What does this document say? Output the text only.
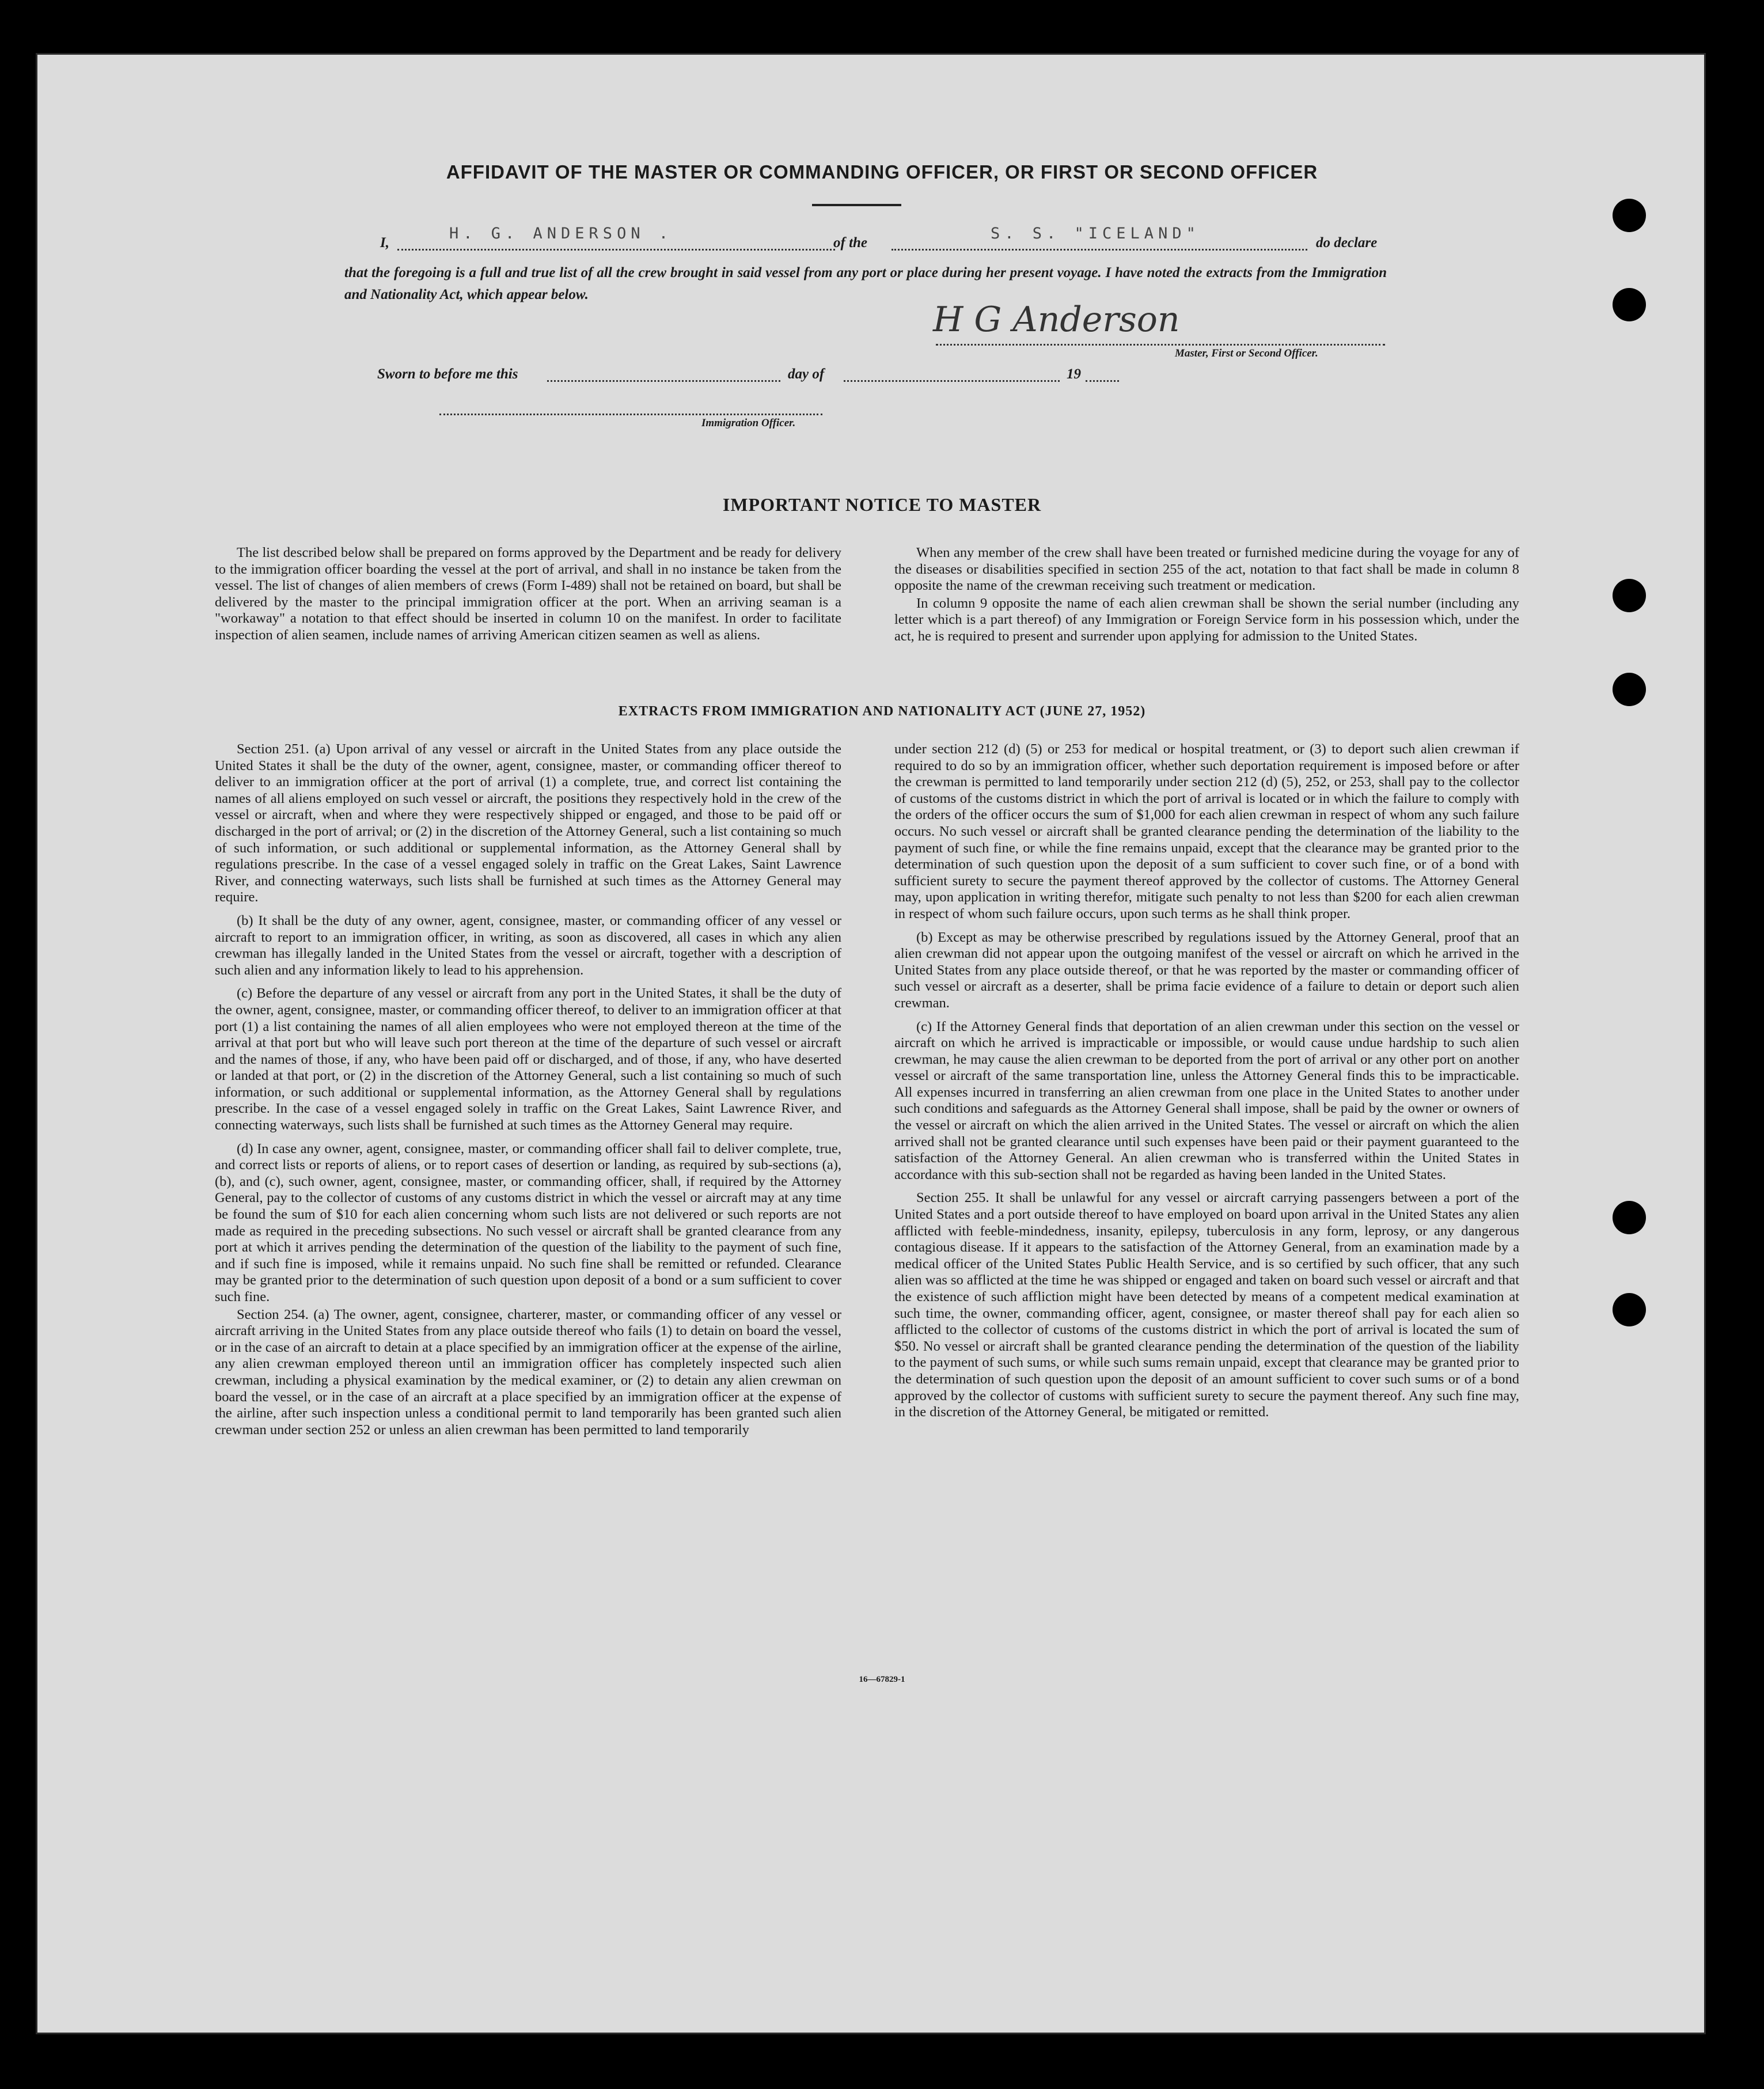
AFFIDAVIT OF THE MASTER OR COMMANDING OFFICER, OR FIRST OR SECOND OFFICER
I,
H. G. ANDERSON .
of the
S. S. "ICELAND"
do declare
that the foregoing is a full and true list of all the crew brought in said vessel from any port or place during her present voyage. I have noted the extracts from the Immigration and Nationality Act, which appear below.
H G Anderson
Master, First or Second Officer.
Sworn to before me this	day of	19
Immigration Officer.
IMPORTANT NOTICE TO MASTER

The list described below shall be prepared on forms approved by the Department and be ready for delivery to the immigration officer boarding the vessel at the port of arrival, and shall in no instance be taken from the vessel. The list of changes of alien members of crews (Form I-489) shall not be retained on board, but shall be delivered by the master to the principal immigration officer at the port. When an arriving seaman is a "workaway" a notation to that effect should be inserted in column 10 on the manifest. In order to facilitate inspection of alien seamen, include names of arriving American citizen seamen as well as aliens.

When any member of the crew shall have been treated or furnished medicine during the voyage for any of the diseases or disabilities specified in section 255 of the act, notation to that fact shall be made in column 8 opposite the name of the crewman receiving such treatment or medication.

In column 9 opposite the name of each alien crewman shall be shown the serial number (including any letter which is a part thereof) of any Immigration or Foreign Service form in his possession which, under the act, he is required to present and surrender upon applying for admission to the United States.

EXTRACTS FROM IMMIGRATION AND NATIONALITY ACT (JUNE 27, 1952)

Section 251. (a) Upon arrival of any vessel or aircraft in the United States from any place outside the United States it shall be the duty of the owner, agent, consignee, master, or commanding officer thereof to deliver to an immigration officer at the port of arrival (1) a complete, true, and correct list containing the names of all aliens employed on such vessel or aircraft, the positions they respectively hold in the crew of the vessel or aircraft, when and where they were respectively shipped or engaged, and those to be paid off or discharged in the port of arrival; or (2) in the discretion of the Attorney General, such a list containing so much of such information, or such additional or supplemental information, as the Attorney General shall by regulations prescribe. In the case of a vessel engaged solely in traffic on the Great Lakes, Saint Lawrence River, and connecting waterways, such lists shall be furnished at such times as the Attorney General may require.

(b) It shall be the duty of any owner, agent, consignee, master, or commanding officer of any vessel or aircraft to report to an immigration officer, in writing, as soon as discovered, all cases in which any alien crewman has illegally landed in the United States from the vessel or aircraft, together with a description of such alien and any information likely to lead to his apprehension.

(c) Before the departure of any vessel or aircraft from any port in the United States, it shall be the duty of the owner, agent, consignee, master, or commanding officer thereof, to deliver to an immigration officer at that port (1) a list containing the names of all alien employees who were not employed thereon at the time of the arrival at that port but who will leave such port thereon at the time of the departure of such vessel or aircraft and the names of those, if any, who have been paid off or discharged, and of those, if any, who have deserted or landed at that port, or (2) in the discretion of the Attorney General, such a list containing so much of such information, or such additional or supplemental information, as the Attorney General shall by regulations prescribe. In the case of a vessel engaged solely in traffic on the Great Lakes, Saint Lawrence River, and connecting waterways, such lists shall be furnished at such times as the Attorney General may require.

(d) In case any owner, agent, consignee, master, or commanding officer shall fail to deliver complete, true, and correct lists or reports of aliens, or to report cases of desertion or landing, as required by sub-sections (a), (b), and (c), such owner, agent, consignee, master, or commanding officer, shall, if required by the Attorney General, pay to the collector of customs of any customs district in which the vessel or aircraft may at any time be found the sum of $10 for each alien concerning whom such lists are not delivered or such reports are not made as required in the preceding subsections. No such vessel or aircraft shall be granted clearance from any port at which it arrives pending the determination of the question of the liability to the payment of such fine, and if such fine is imposed, while it remains unpaid. No such fine shall be remitted or refunded. Clearance may be granted prior to the determination of such question upon deposit of a bond or a sum sufficient to cover such fine.

Section 254. (a) The owner, agent, consignee, charterer, master, or commanding officer of any vessel or aircraft arriving in the United States from any place outside thereof who fails (1) to detain on board the vessel, or in the case of an aircraft to detain at a place specified by an immigration officer at the expense of the airline, any alien crewman employed thereon until an immigration officer has completely inspected such alien crewman, including a physical examination by the medical examiner, or (2) to detain any alien crewman on board the vessel, or in the case of an aircraft at a place specified by an immigration officer at the expense of the airline, after such inspection unless a conditional permit to land temporarily has been granted such alien crewman under section 252 or unless an alien crewman has been permitted to land temporarily

under section 212 (d) (5) or 253 for medical or hospital treatment, or (3) to deport such alien crewman if required to do so by an immigration officer, whether such deportation requirement is imposed before or after the crewman is permitted to land temporarily under section 212 (d) (5), 252, or 253, shall pay to the collector of customs of the customs district in which the port of arrival is located or in which the failure to comply with the orders of the officer occurs the sum of $1,000 for each alien crewman in respect of whom any such failure occurs. No such vessel or aircraft shall be granted clearance pending the determination of the liability to the payment of such fine, or while the fine remains unpaid, except that the clearance may be granted prior to the determination of such question upon the deposit of a sum sufficient to cover such fine, or of a bond with sufficient surety to secure the payment thereof approved by the collector of customs. The Attorney General may, upon application in writing therefor, mitigate such penalty to not less than $200 for each alien crewman in respect of whom such failure occurs, upon such terms as he shall think proper.

(b) Except as may be otherwise prescribed by regulations issued by the Attorney General, proof that an alien crewman did not appear upon the outgoing manifest of the vessel or aircraft on which he arrived in the United States from any place outside thereof, or that he was reported by the master or commanding officer of such vessel or aircraft as a deserter, shall be prima facie evidence of a failure to detain or deport such alien crewman.

(c) If the Attorney General finds that deportation of an alien crewman under this section on the vessel or aircraft on which he arrived is impracticable or impossible, or would cause undue hardship to such alien crewman, he may cause the alien crewman to be deported from the port of arrival or any other port on another vessel or aircraft of the same transportation line, unless the Attorney General finds this to be impracticable. All expenses incurred in transferring an alien crewman from one place in the United States to another under such conditions and safeguards as the Attorney General shall impose, shall be paid by the owner or owners of the vessel or aircraft on which the alien arrived in the United States. The vessel or aircraft on which the alien arrived shall not be granted clearance until such expenses have been paid or their payment guaranteed to the satisfaction of the Attorney General. An alien crewman who is transferred within the United States in accordance with this sub-section shall not be regarded as having been landed in the United States.

Section 255. It shall be unlawful for any vessel or aircraft carrying passengers between a port of the United States and a port outside thereof to have employed on board upon arrival in the United States any alien afflicted with feeble-mindedness, insanity, epilepsy, tuberculosis in any form, leprosy, or any dangerous contagious disease. If it appears to the satisfaction of the Attorney General, from an examination made by a medical officer of the United States Public Health Service, and is so certified by such officer, that any such alien was so afflicted at the time he was shipped or engaged and taken on board such vessel or aircraft and that the existence of such affliction might have been detected by means of a competent medical examination at such time, the owner, commanding officer, agent, consignee, or master thereof shall pay for each alien so afflicted to the collector of customs of the customs district in which the port of arrival is located the sum of $50. No vessel or aircraft shall be granted clearance pending the determination of the question of the liability to the payment of such sums, or while such sums remain unpaid, except that clearance may be granted prior to the determination of such question upon the deposit of an amount sufficient to cover such sums or of a bond approved by the collector of customs with sufficient surety to secure the payment thereof. Any such fine may, in the discretion of the Attorney General, be mitigated or remitted.

16—67829-1
